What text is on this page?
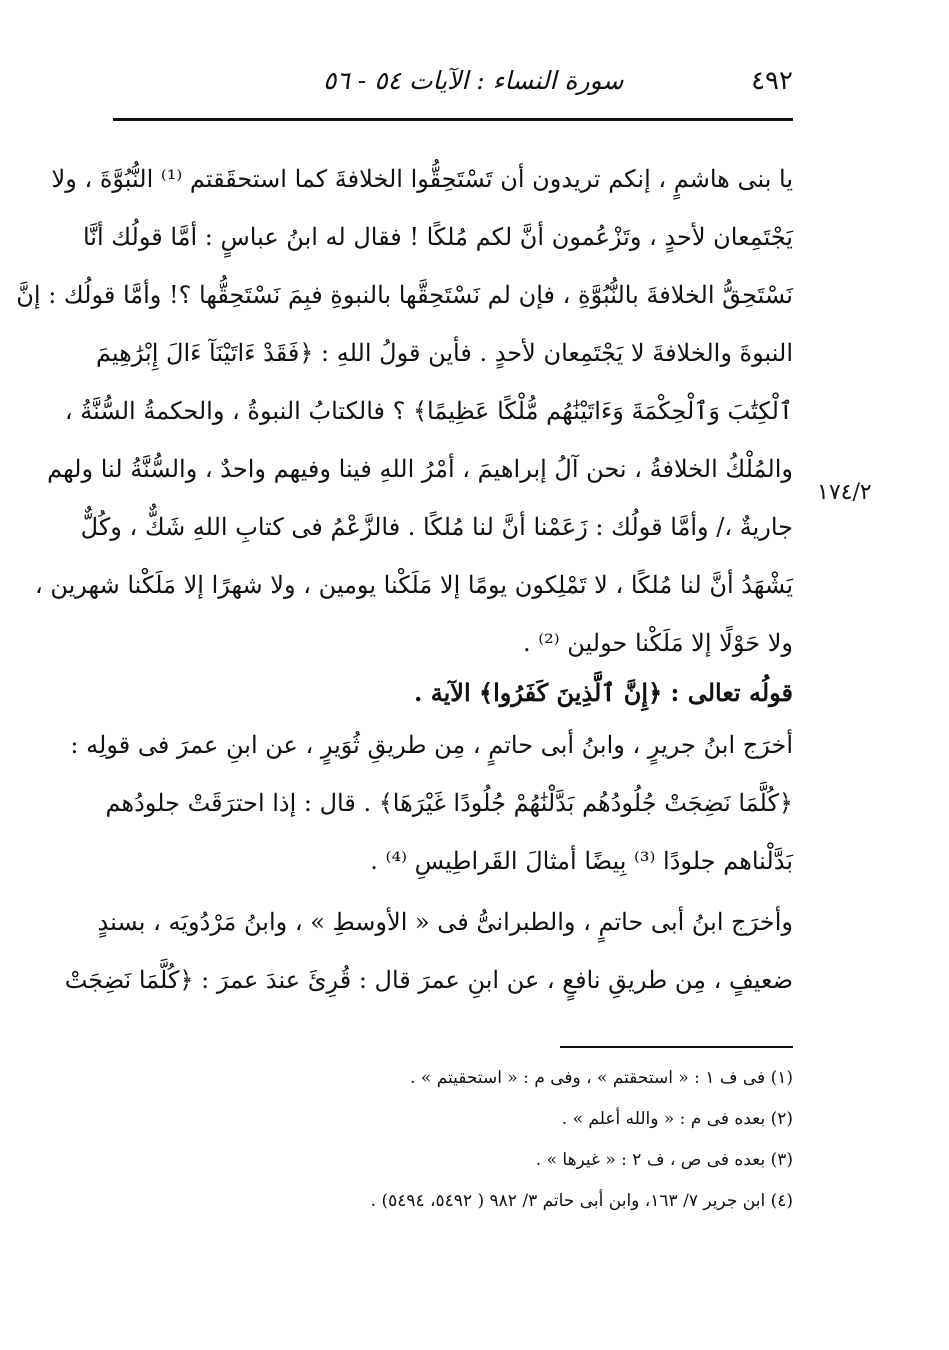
٤٩٢
سورة النساء : الآيات ٥٤ - ٥٦
يا بنى هاشمٍ ، إنكم تريدون أن تَسْتَحِقُّوا الخلافةَ كما استحقَقتم ⁽¹⁾ النُّبُوَّةَ ، ولا
يَجْتَمِعان لأحدٍ ، وتَزْعُمون أنَّ لكم مُلكًا ! فقال له ابنُ عباسٍ : أمَّا قولُك أنَّا
نَسْتَحِقُّ الخلافةَ بالنُّبُوَّةِ ، فإن لم نَسْتَحِقَّها بالنبوةِ فبِمَ نَسْتَحِقُّها ؟! وأمَّا قولُك : إنَّ
النبوةَ والخلافةَ لا يَجْتَمِعان لأحدٍ . فأين قولُ اللهِ : ﴿فَقَدْ ءَاتَيْنَآ ءَالَ إِبْرَٰهِيمَ
ٱلْكِتَٰبَ وَٱلْحِكْمَةَ وَءَاتَيْنَٰهُم مُّلْكًا عَظِيمًا﴾ ؟ فالكتابُ النبوةُ ، والحكمةُ السُّنَّةُ ،
والمُلْكُ الخلافةُ ، نحن آلُ إبراهيمَ ، أمْرُ اللهِ فينا وفيهم واحدٌ ، والسُّنَّةُ لنا ولهم
جاريةٌ ،/ وأمَّا قولُك : زَعَمْنا أنَّ لنا مُلكًا . فالزَّعْمُ فى كتابِ اللهِ شَكٌّ ، وكُلٌّ
يَشْهَدُ أنَّ لنا مُلكًا ، لا تَمْلِكون يومًا إلا مَلَكْنا يومين ، ولا شهرًا إلا مَلَكْنا شهرين ،
ولا حَوْلًا إلا مَلَكْنا حولين ⁽²⁾ .
١٧٤/٢
قولُه تعالى : ﴿إِنَّ ٱلَّذِينَ كَفَرُوا﴾ الآية .
أخرَج ابنُ جريرٍ ، وابنُ أبى حاتمٍ ، مِن طريقِ ثُوَيرٍ ، عن ابنِ عمرَ فى قولِه :
﴿كُلَّمَا نَضِجَتْ جُلُودُهُم بَدَّلْنَٰهُمْ جُلُودًا غَيْرَهَا﴾ . قال : إذا احترَقَتْ جلودُهم
بَدَّلْناهم جلودًا ⁽³⁾ بِيضًا أمثالَ القَراطِيسِ ⁽⁴⁾ .
وأخرَج ابنُ أبى حاتمٍ ، والطبرانىُّ فى « الأوسطِ » ، وابنُ مَرْدُويَه ، بسندٍ
ضعيفٍ ، مِن طريقِ نافعٍ ، عن ابنِ عمرَ قال : قُرِئَ عندَ عمرَ : ﴿كُلَّمَا نَضِجَتْ
(١) فى ف ١ : « استحقتم » ، وفى م : « استحقيتم » .
(٢) بعده فى م : « والله أعلم » .
(٣) بعده فى ص ، ف ٢ : « غيرها » .
(٤) ابن جرير ٧/ ١٦٣، وابن أبى حاتم ٣/ ٩٨٢ ( ٥٤٩٢، ٥٤٩٤) .
